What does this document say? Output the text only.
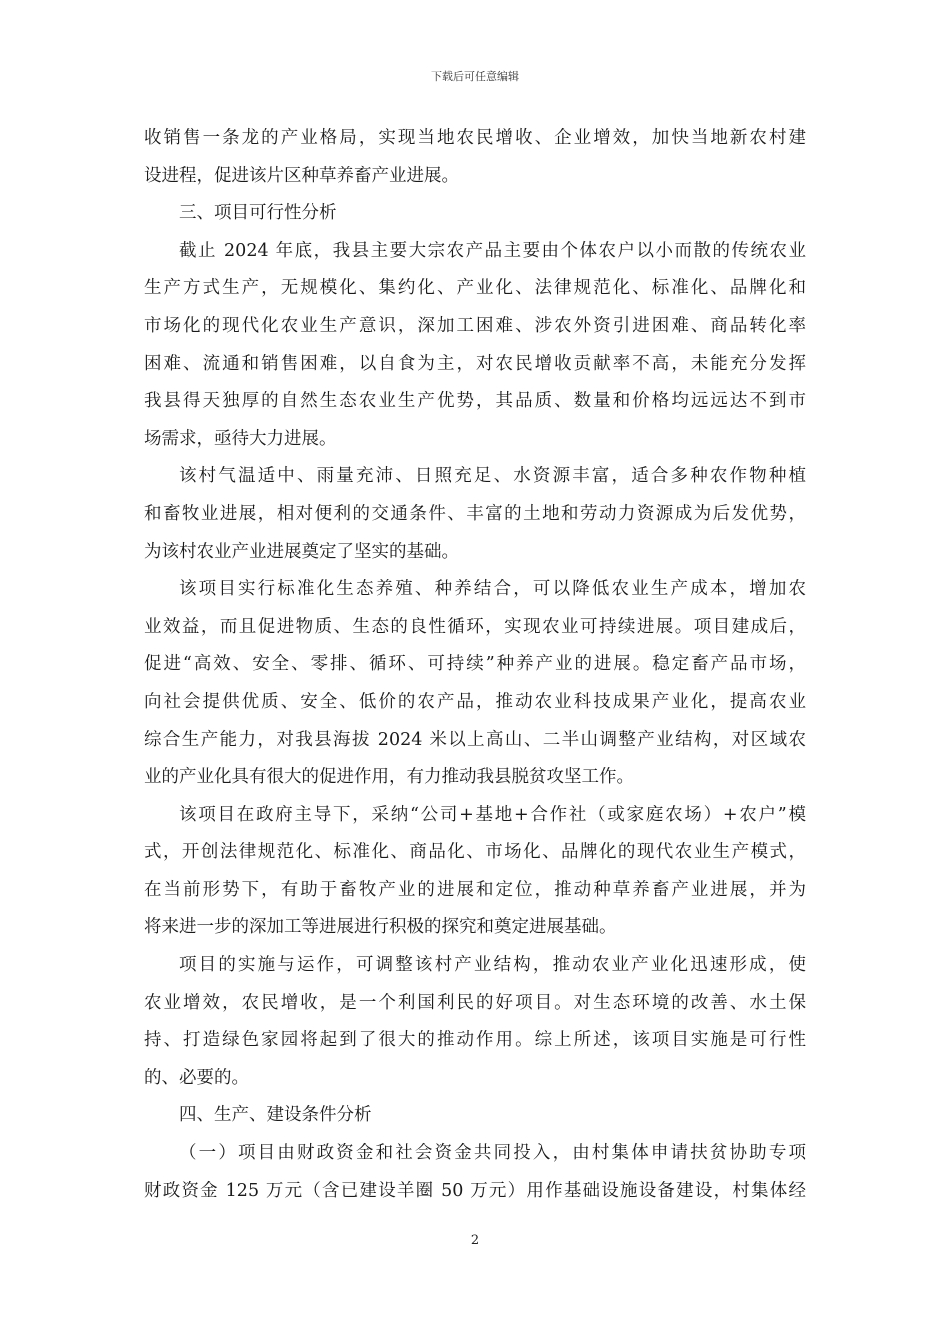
下载后可任意编辑
收销售一条龙的产业格局，实现当地农民增收、企业增效，加快当地新农村建
设进程，促进该片区种草养畜产业进展。
三、项目可行性分析
截止 2024 年底，我县主要大宗农产品主要由个体农户以小而散的传统农业
生产方式生产，无规模化、集约化、产业化、法律规范化、标准化、品牌化和
市场化的现代化农业生产意识，深加工困难、涉农外资引进困难、商品转化率
困难、流通和销售困难，以自食为主，对农民增收贡献率不高，未能充分发挥
我县得天独厚的自然生态农业生产优势，其品质、数量和价格均远远达不到市
场需求，亟待大力进展。
该村气温适中、雨量充沛、日照充足、水资源丰富，适合多种农作物种植
和畜牧业进展，相对便利的交通条件、丰富的土地和劳动力资源成为后发优势，
为该村农业产业进展奠定了坚实的基础。
该项目实行标准化生态养殖、种养结合，可以降低农业生产成本，增加农
业效益，而且促进物质、生态的良性循环，实现农业可持续进展。项目建成后，
促进“高效、安全、零排、循环、可持续”种养产业的进展。稳定畜产品市场，
向社会提供优质、安全、低价的农产品，推动农业科技成果产业化，提高农业
综合生产能力，对我县海拔 2024 米以上高山、二半山调整产业结构，对区域农
业的产业化具有很大的促进作用，有力推动我县脱贫攻坚工作。
该项目在政府主导下，采纳“公司+基地+合作社（或家庭农场）+农户”模
式，开创法律规范化、标准化、商品化、市场化、品牌化的现代农业生产模式，
在当前形势下，有助于畜牧产业的进展和定位，推动种草养畜产业进展，并为
将来进一步的深加工等进展进行积极的探究和奠定进展基础。
项目的实施与运作，可调整该村产业结构，推动农业产业化迅速形成，使
农业增效，农民增收，是一个利国利民的好项目。对生态环境的改善、水土保
持、打造绿色家园将起到了很大的推动作用。综上所述，该项目实施是可行性
的、必要的。
四、生产、建设条件分析
（一）项目由财政资金和社会资金共同投入，由村集体申请扶贫协助专项
财政资金 125 万元（含已建设羊圈 50 万元）用作基础设施设备建设，村集体经
2
